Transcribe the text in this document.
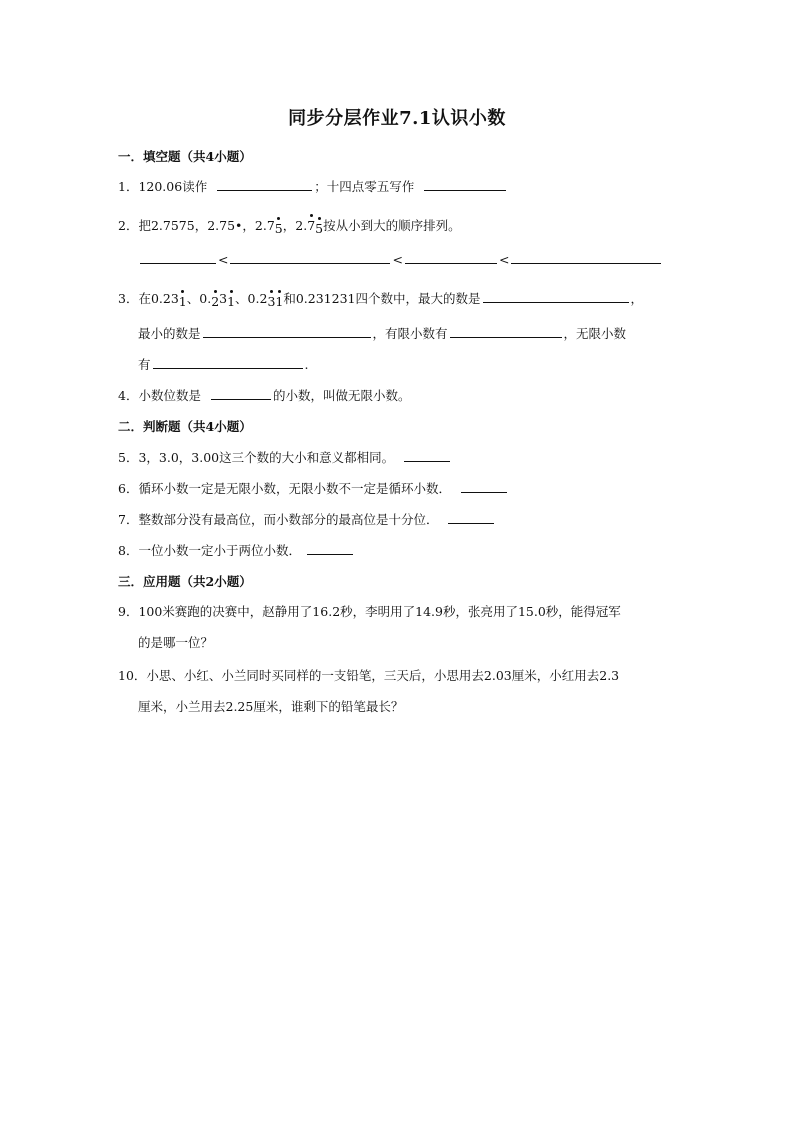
同步分层作业7.1认识小数
一．填空题（共4小题）
1．120.06读作	；十四点零五写作
2．把2.7575，2.75•，2.75，2.75按从小到大的顺序排列。
<	<	<
3．在0.231、0.231、0.231和0.231231四个数中，最大的数是	，
最小的数是	，有限小数有	，无限小数
有	.
4．小数位数是	的小数，叫做无限小数。
二．判断题（共4小题）
5．3，3.0，3.00这三个数的大小和意义都相同。
6．循环小数一定是无限小数，无限小数不一定是循环小数．
7．整数部分没有最高位，而小数部分的最高位是十分位．
8．一位小数一定小于两位小数．
三．应用题（共2小题）
9．100米赛跑的决赛中，赵静用了16.2秒，李明用了14.9秒，张亮用了15.0秒，能得冠军
的是哪一位？
10．小思、小红、小兰同时买同样的一支铅笔，三天后，小思用去2.03厘米，小红用去2.3
厘米，小兰用去2.25厘米，谁剩下的铅笔最长？
